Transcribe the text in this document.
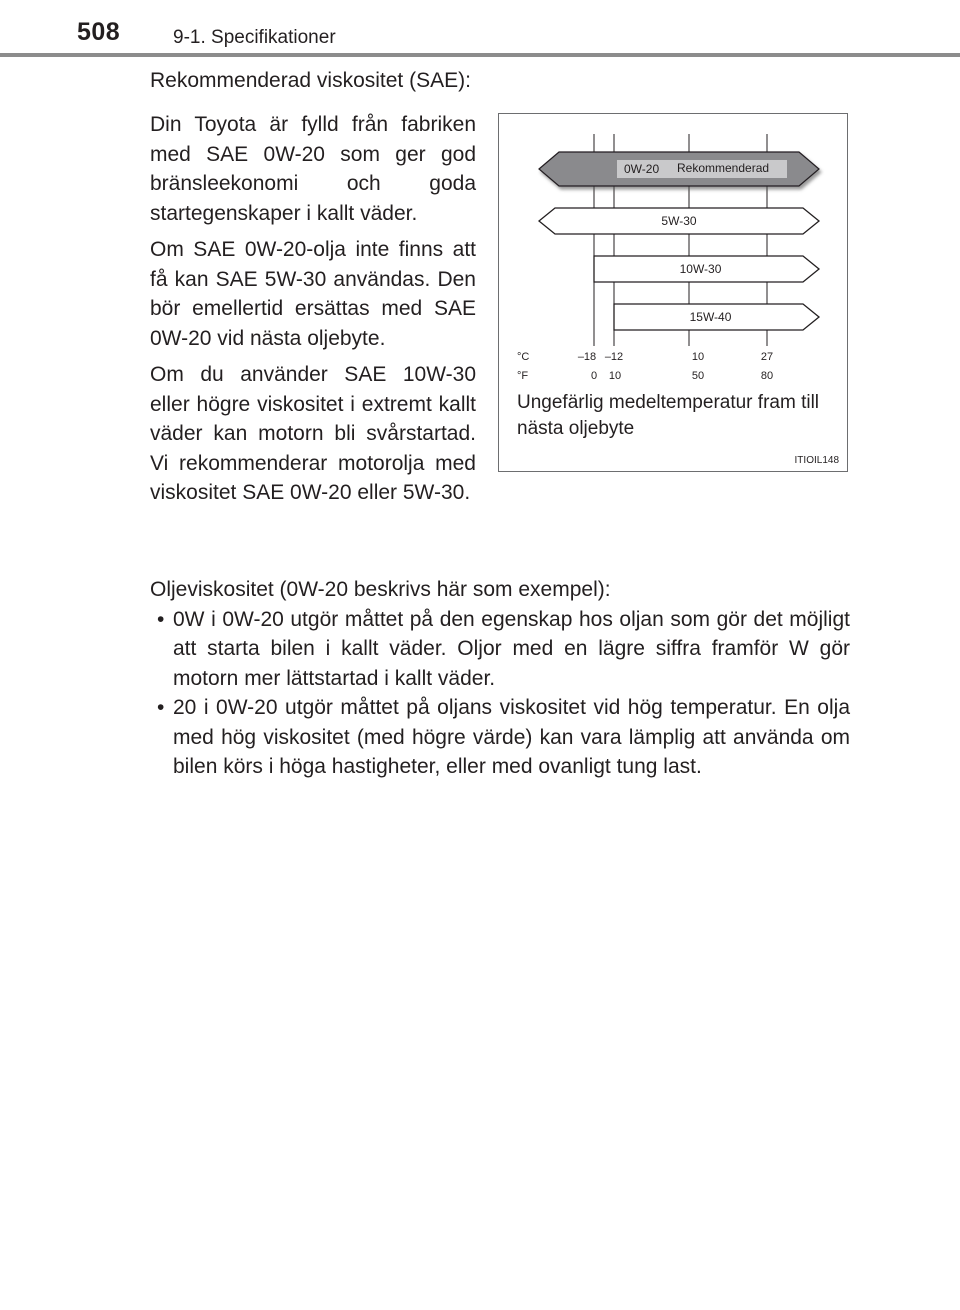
508	9-1. Specifikationer
Rekommenderad viskositet (SAE):

Din Toyota är fylld från fabriken med SAE 0W-20 som ger god bränsleekonomi och goda startegenskaper i kallt väder.

Om SAE 0W-20-olja inte finns att få kan SAE 5W-30 användas. Den bör emellertid ersättas med SAE 0W-20 vid nästa oljebyte.

Om du använder SAE 10W-30 eller högre viskositet i extremt kallt väder kan motorn bli svårstartad. Vi rekommenderar motorolja med viskositet SAE 0W-20 eller 5W-30.

0W-20 Rekommenderad
5W-30
10W-30
15W-40
°C
°F
–18 –12	10	27
0 10	50	80
Ungefärlig medeltemperatur fram till nästa oljebyte
ITIOIL148

Oljeviskositet (0W-20 beskrivs här som exempel):

• 0W i 0W-20 utgör måttet på den egenskap hos oljan som gör det möjligt att starta bilen i kallt väder. Oljor med en lägre siffra framför W gör motorn mer lättstartad i kallt väder.
• 20 i 0W-20 utgör måttet på oljans viskositet vid hög temperatur. En olja med hög viskositet (med högre värde) kan vara lämplig att använda om bilen körs i höga hastigheter, eller med ovanligt tung last.
